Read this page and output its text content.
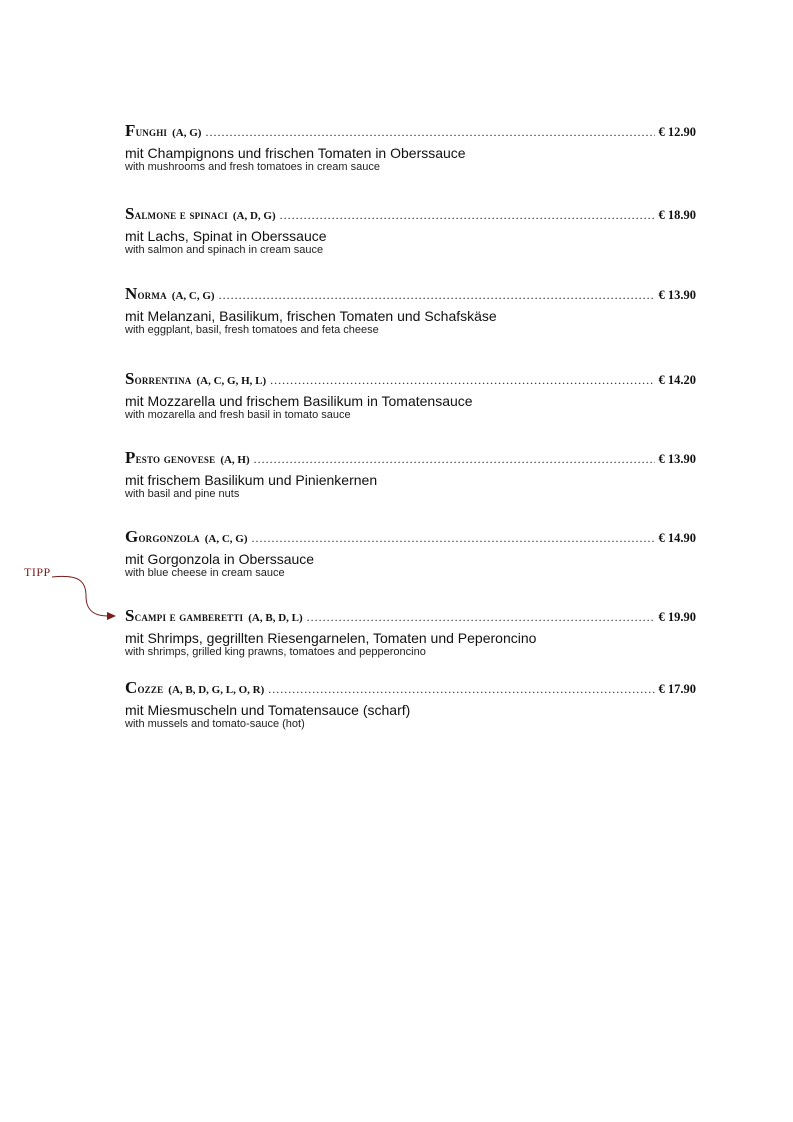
Funghi (A, G) .....	€ 12.90
mit Champignons und frischen Tomaten in Oberssauce
with mushrooms and fresh tomatoes in cream sauce
Salmone e spinaci (A, D, G) .....	€ 18.90
mit Lachs, Spinat in Oberssauce
with salmon and spinach in cream sauce
Norma (A, C, G) .....	€ 13.90
mit Melanzani, Basilikum, frischen Tomaten und Schafskäse
with eggplant, basil, fresh tomatoes and feta cheese
Sorrentina (A, C, G, H, L) .....	€ 14.20
mit Mozzarella und frischem Basilikum in Tomatensauce
with mozarella and fresh basil in tomato sauce
Pesto genovese (A, H) .....	€ 13.90
mit frischem Basilikum und Pinienkernen
with basil and pine nuts
Gorgonzola (A, C, G) .....	€ 14.90
mit Gorgonzola in Oberssauce
with blue cheese in cream sauce
Scampi e gamberetti (A, B, D, L) .....	€ 19.90
mit Shrimps, gegrillten Riesengarnelen, Tomaten und Peperoncino
with shrimps, grilled king prawns, tomatoes and pepperoncino
Cozze (A, B, D, G, L, O, R) .....	€ 17.90
mit Miesmuscheln und Tomatensauce (scharf)
with mussels and tomato-sauce (hot)
TIPP
